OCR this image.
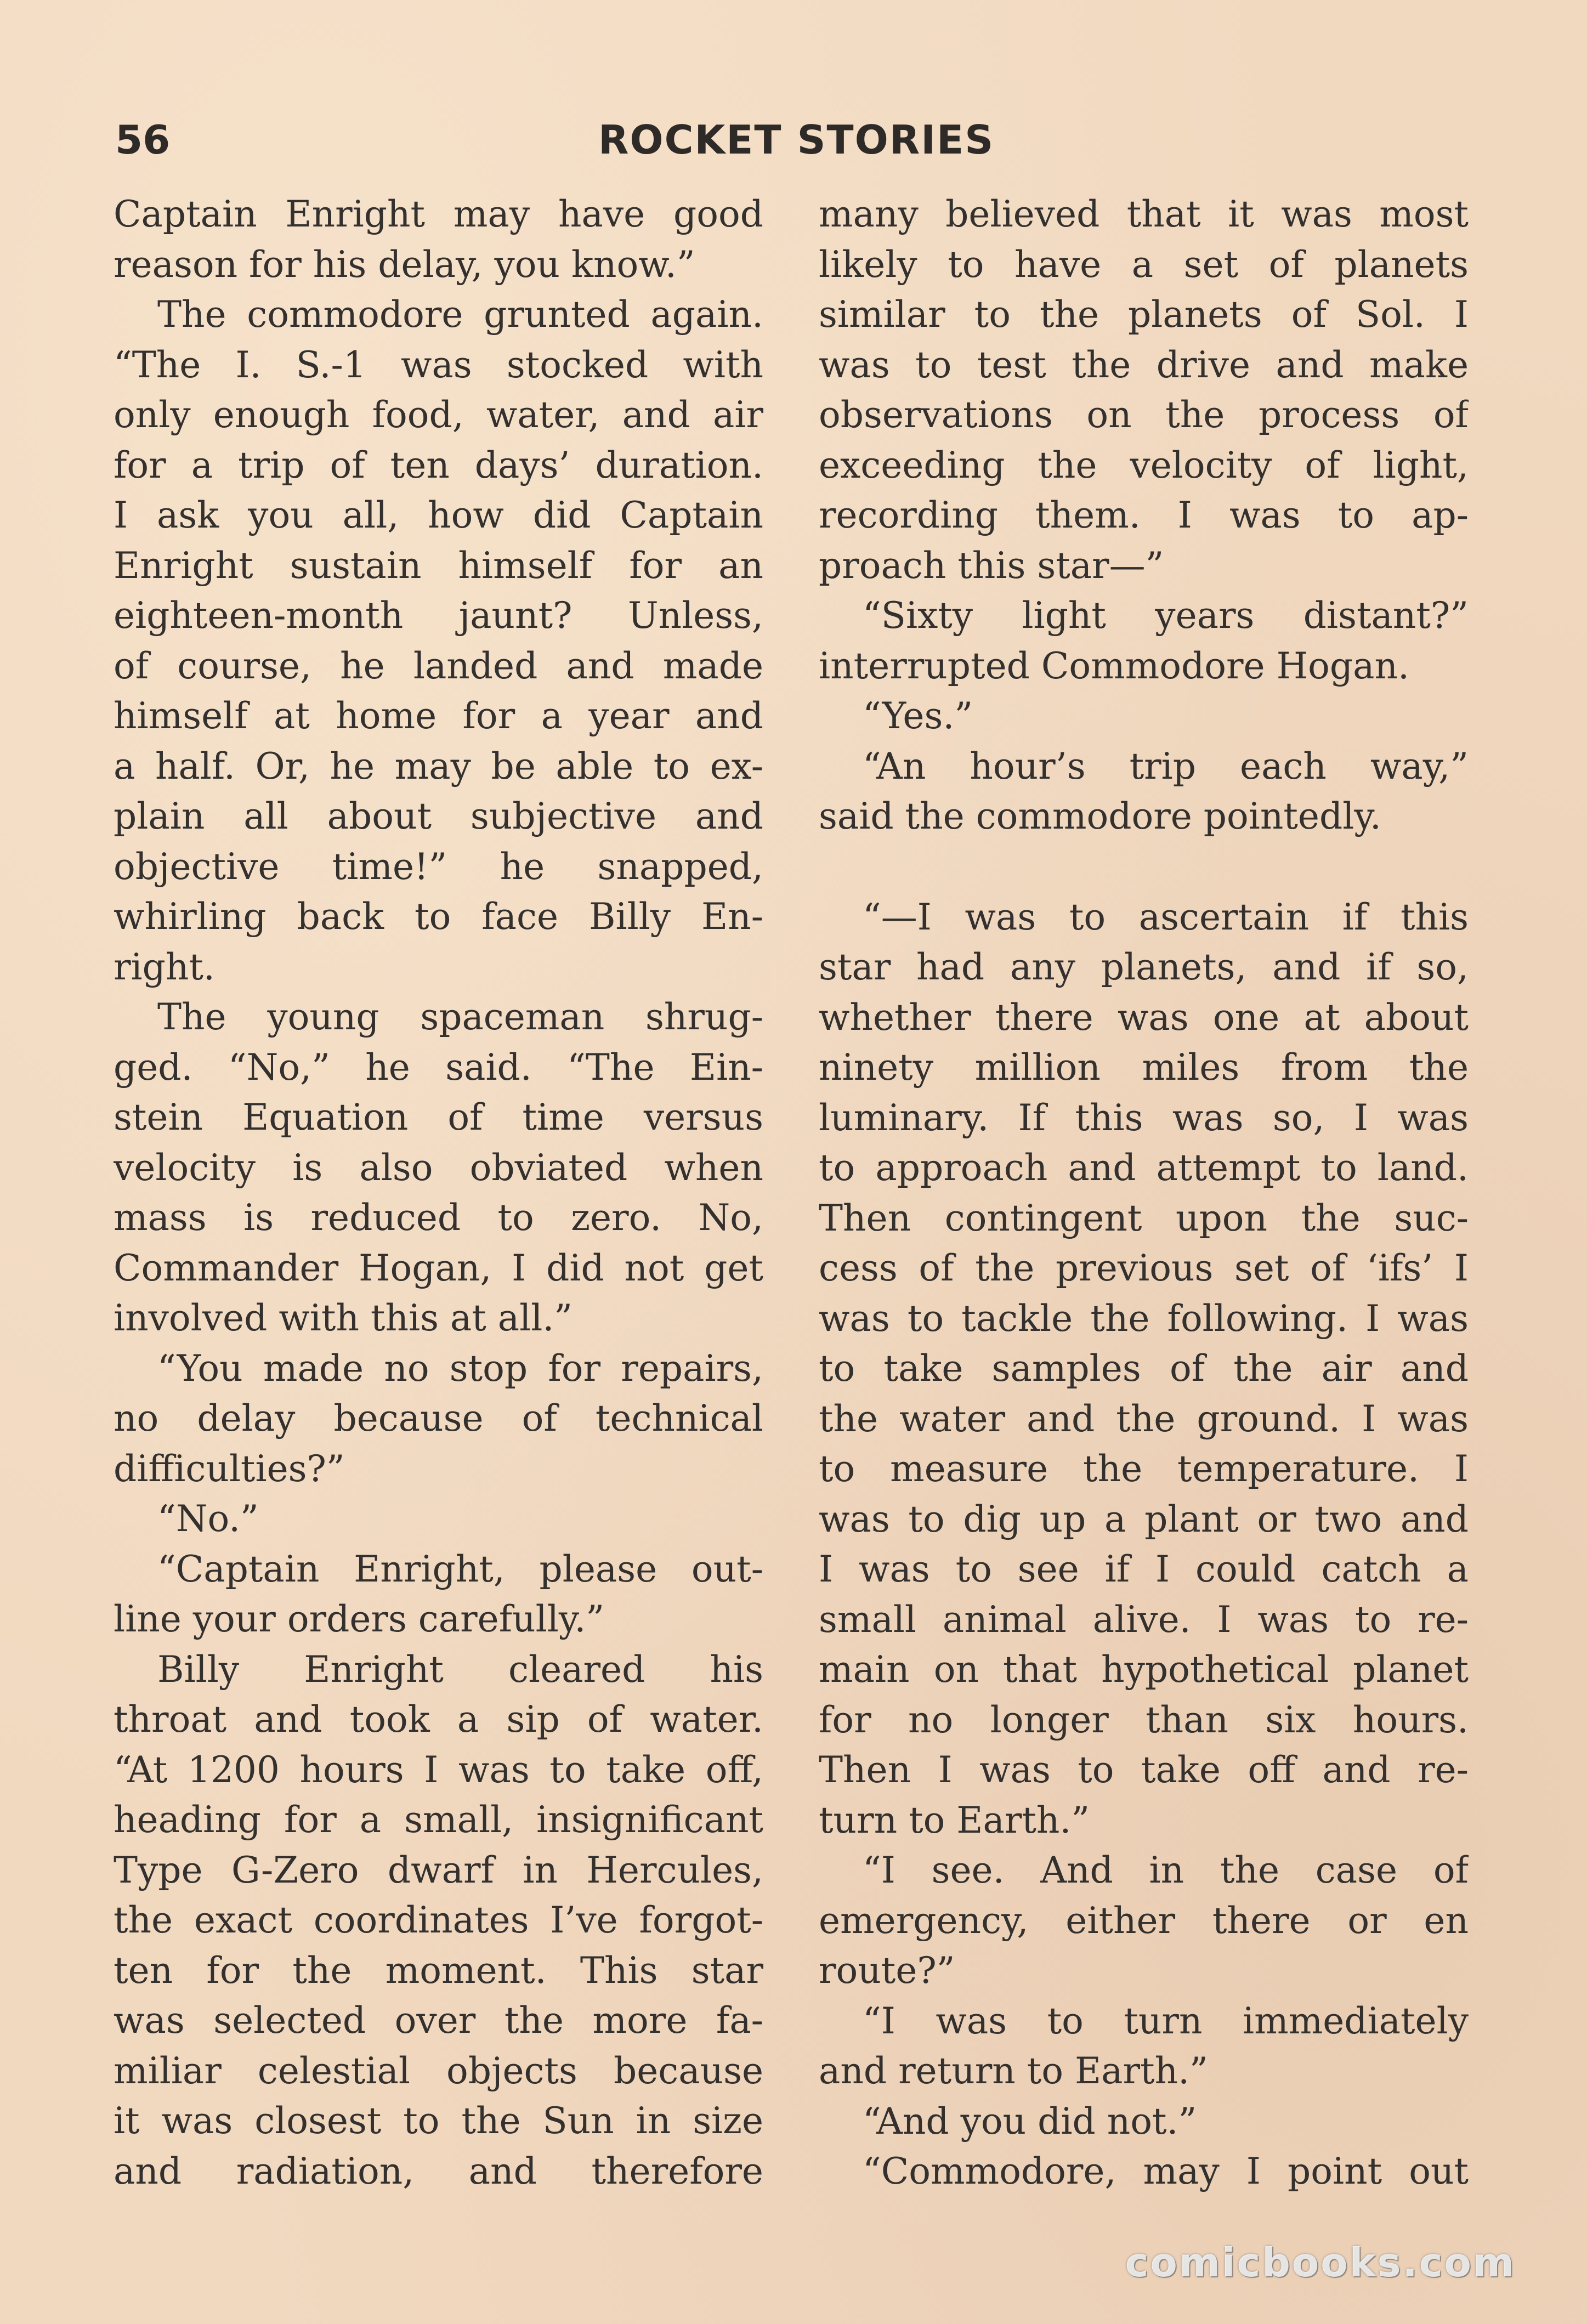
56	ROCKET STORIES
Captain Enright may have good
reason for his delay, you know.”
The commodore grunted again.
“The I. S.-1 was stocked with
only enough food, water, and air
for a trip of ten days’ duration.
I ask you all, how did Captain
Enright sustain himself for an
eighteen-month jaunt? Unless,
of course, he landed and made
himself at home for a year and
a half. Or, he may be able to ex-
plain all about subjective and
objective time!” he snapped,
whirling back to face Billy En-
right.
The young spaceman shrug-
ged. “No,” he said. “The Ein-
stein Equation of time versus
velocity is also obviated when
mass is reduced to zero. No,
Commander Hogan, I did not get
involved with this at all.”
“You made no stop for repairs,
no delay because of technical
difficulties?”
“No.”
“Captain Enright, please out-
line your orders carefully.”
Billy Enright cleared his
throat and took a sip of water.
“At 1200 hours I was to take off,
heading for a small, insignificant
Type G-Zero dwarf in Hercules,
the exact coordinates I’ve forgot-
ten for the moment. This star
was selected over the more fa-
miliar celestial objects because
it was closest to the Sun in size
and radiation, and therefore
many believed that it was most
likely to have a set of planets
similar to the planets of Sol. I
was to test the drive and make
observations on the process of
exceeding the velocity of light,
recording them. I was to ap-
proach this star—”
“Sixty light years distant?”
interrupted Commodore Hogan.
“Yes.”
“An hour’s trip each way,”
said the commodore pointedly.
“—I was to ascertain if this
star had any planets, and if so,
whether there was one at about
ninety million miles from the
luminary. If this was so, I was
to approach and attempt to land.
Then contingent upon the suc-
cess of the previous set of ‘ifs’ I
was to tackle the following. I was
to take samples of the air and
the water and the ground. I was
to measure the temperature. I
was to dig up a plant or two and
I was to see if I could catch a
small animal alive. I was to re-
main on that hypothetical planet
for no longer than six hours.
Then I was to take off and re-
turn to Earth.”
“I see. And in the case of
emergency, either there or en
route?”
“I was to turn immediately
and return to Earth.”
“And you did not.”
“Commodore, may I point out
comicbooks.com
